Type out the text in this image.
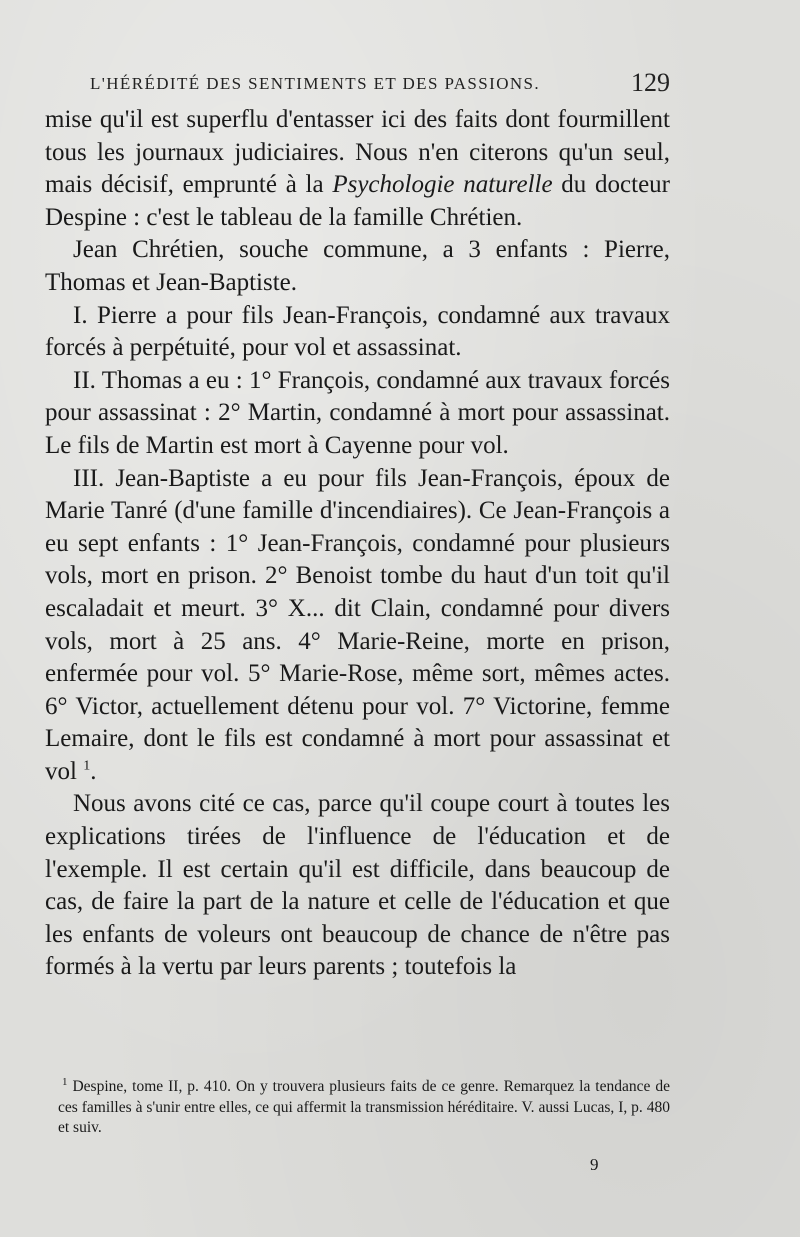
L'HÉRÉDITÉ DES SENTIMENTS ET DES PASSIONS.	129

mise qu'il est superflu d'entasser ici des faits dont fourmillent tous les journaux judiciaires. Nous n'en citerons qu'un seul, mais décisif, emprunté à la Psychologie naturelle du docteur Despine : c'est le tableau de la famille Chrétien.

Jean Chrétien, souche commune, a 3 enfants : Pierre, Thomas et Jean-Baptiste.

I. Pierre a pour fils Jean-François, condamné aux travaux forcés à perpétuité, pour vol et assassinat.

II. Thomas a eu : 1° François, condamné aux travaux forcés pour assassinat : 2° Martin, condamné à mort pour assassinat. Le fils de Martin est mort à Cayenne pour vol.

III. Jean-Baptiste a eu pour fils Jean-François, époux de Marie Tanré (d'une famille d'incendiaires). Ce Jean-François a eu sept enfants : 1° Jean-François, condamné pour plusieurs vols, mort en prison. 2° Benoist tombe du haut d'un toit qu'il escaladait et meurt. 3° X... dit Clain, condamné pour divers vols, mort à 25 ans. 4° Marie-Reine, morte en prison, enfermée pour vol. 5° Marie-Rose, même sort, mêmes actes. 6° Victor, actuellement détenu pour vol. 7° Victorine, femme Lemaire, dont le fils est condamné à mort pour assassinat et vol $^1$.

Nous avons cité ce cas, parce qu'il coupe court à toutes les explications tirées de l'influence de l'éducation et de l'exemple. Il est certain qu'il est difficile, dans beaucoup de cas, de faire la part de la nature et celle de l'éducation et que les enfants de voleurs ont beaucoup de chance de n'être pas formés à la vertu par leurs parents ; toutefois la

$^1$ Despine, tome II, p. 410. On y trouvera plusieurs faits de ce genre. Remarquez la tendance de ces familles à s'unir entre elles, ce qui affermit la transmission héréditaire. V. aussi Lucas, I, p. 480 et suiv.

9
